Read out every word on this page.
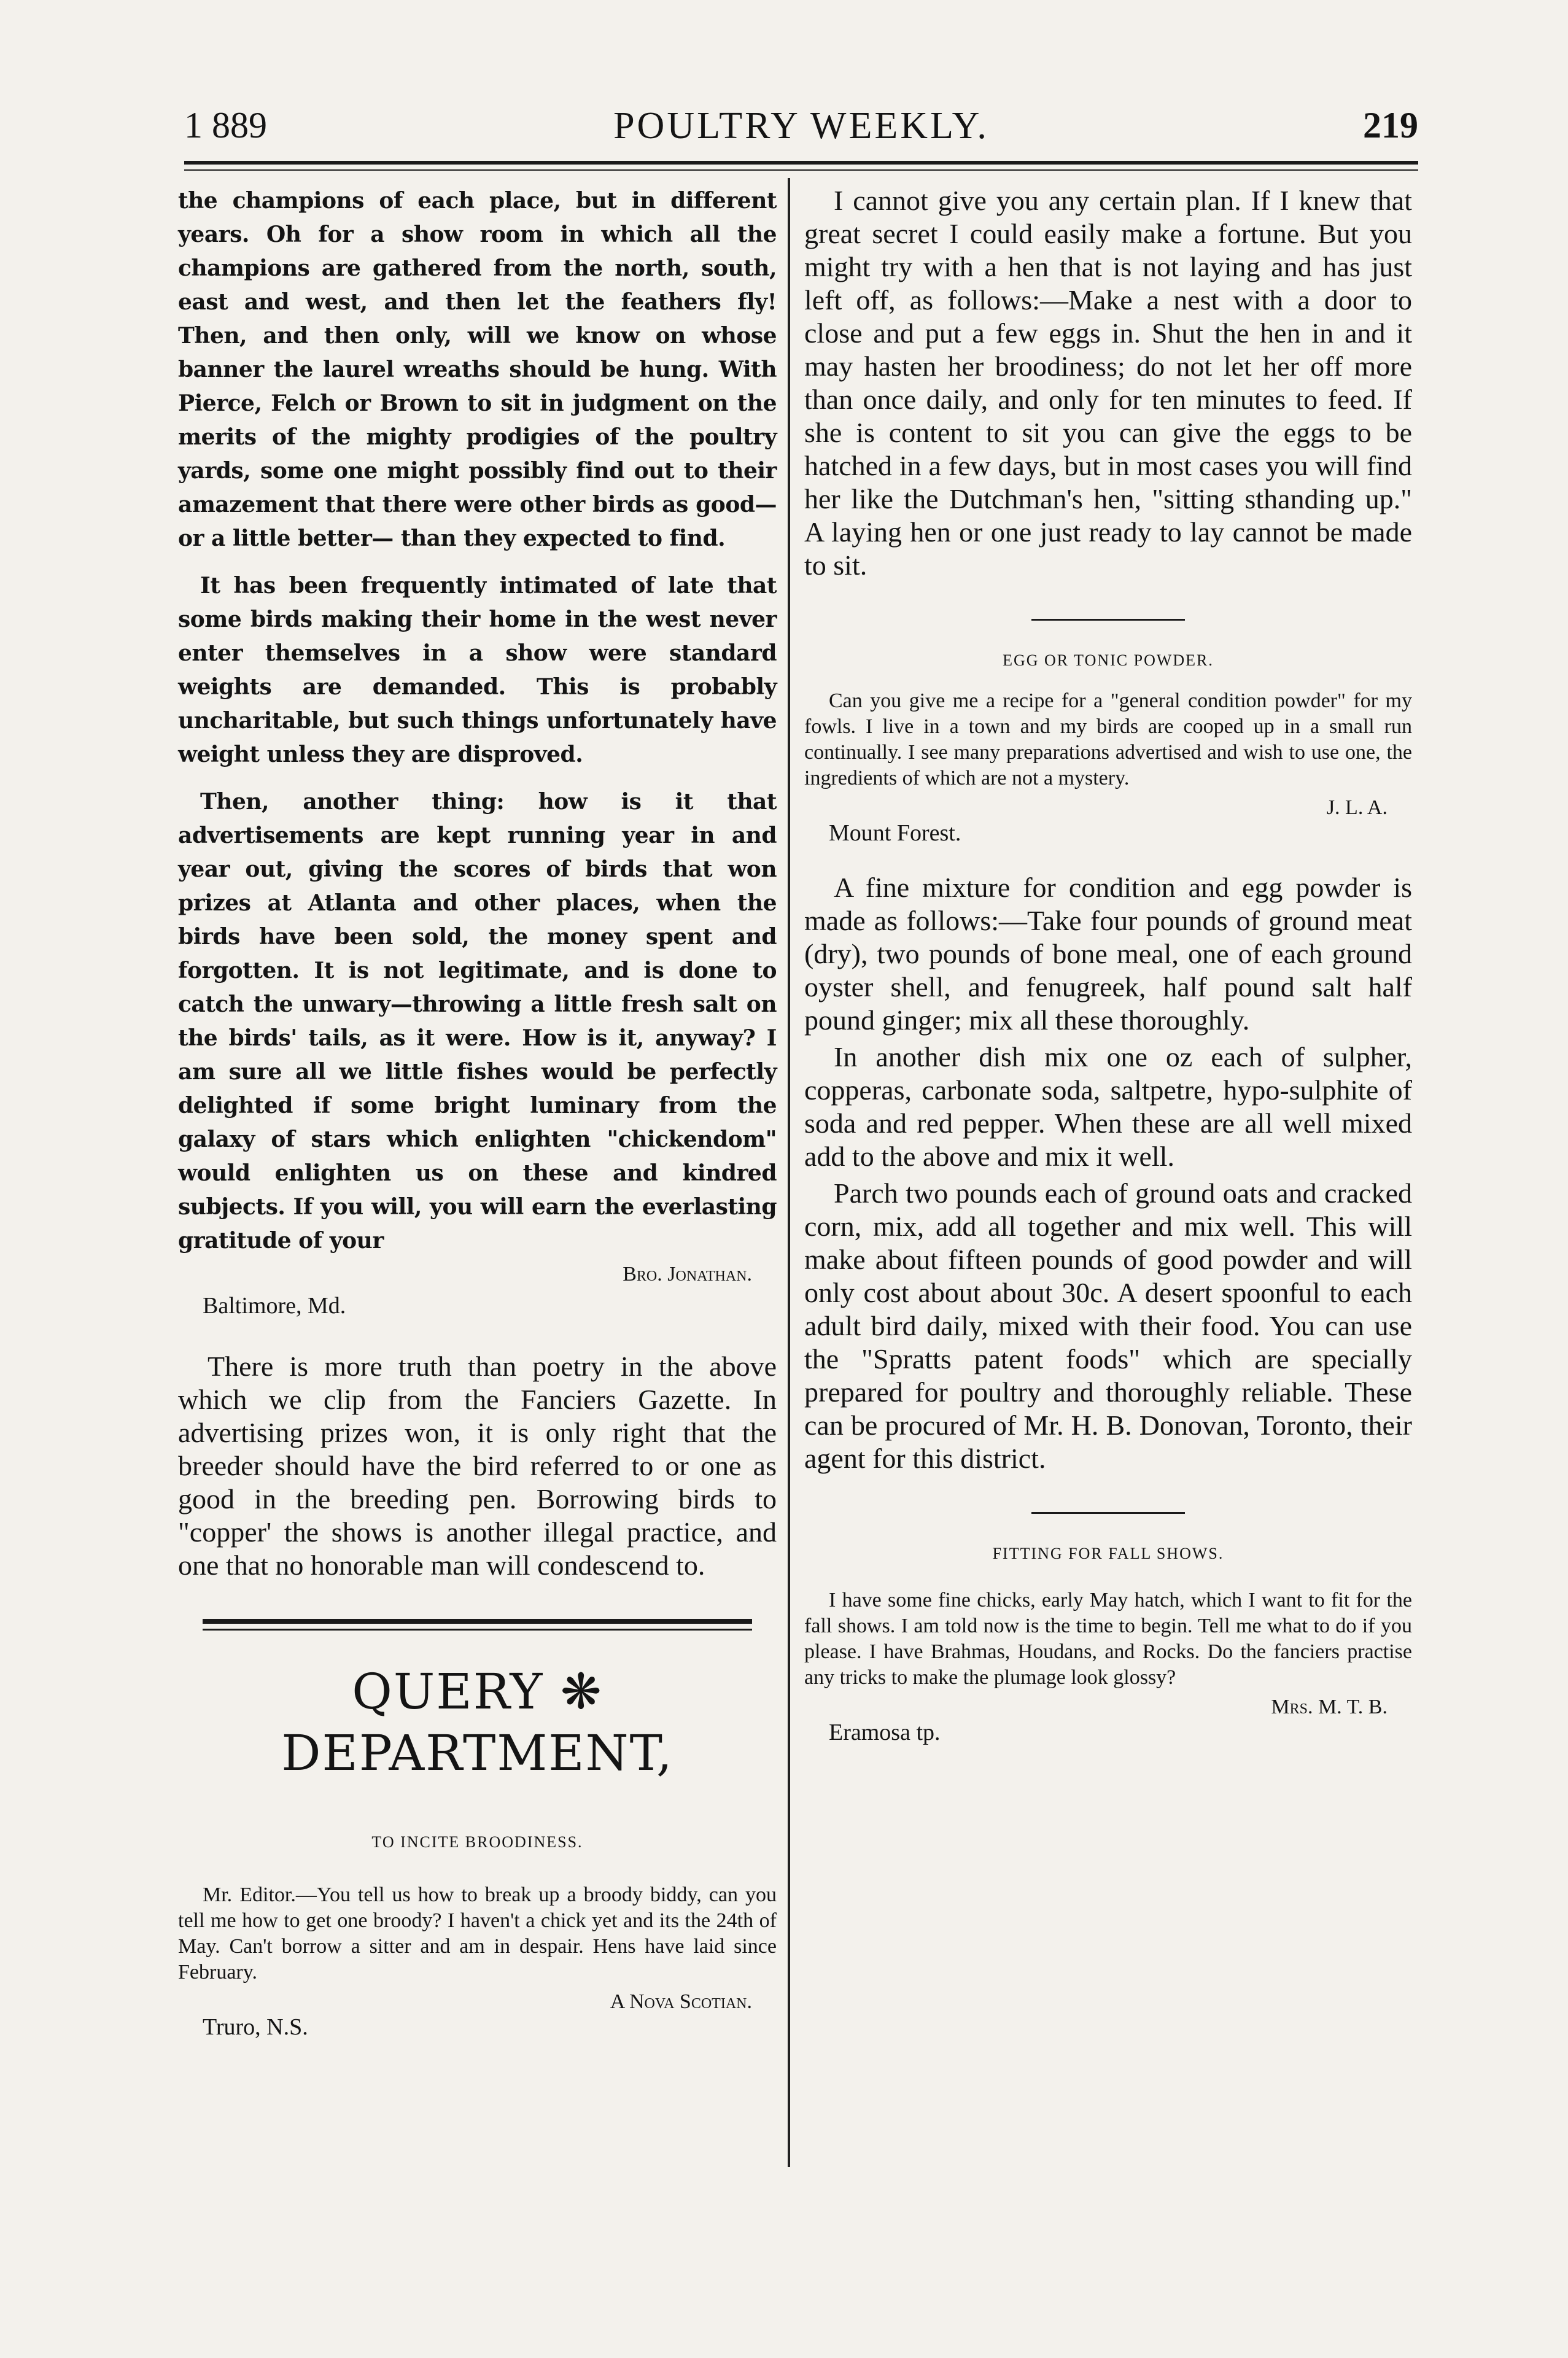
1 889	POULTRY WEEKLY.	219

the champions of each place, but in different years. Oh for a show room in which all the champions are gathered from the north, south, east and west, and then let the feathers fly! Then, and then only, will we know on whose banner the laurel wreaths should be hung. With Pierce, Felch or Brown to sit in judgment on the merits of the mighty prodigies of the poultry yards, some one might possibly find out to their amazement that there were other birds as good—or a little better— than they expected to find.

It has been frequently intimated of late that some birds making their home in the west never enter themselves in a show were standard weights are demanded. This is probably uncharitable, but such things unfortunately have weight unless they are disproved.

Then, another thing: how is it that advertisements are kept running year in and year out, giving the scores of birds that won prizes at Atlanta and other places, when the birds have been sold, the money spent and forgotten. It is not legitimate, and is done to catch the unwary—throwing a little fresh salt on the birds' tails, as it were. How is it, anyway? I am sure all we little fishes would be perfectly delighted if some bright luminary from the galaxy of stars which enlighten "chickendom" would enlighten us on these and kindred subjects. If you will, you will earn the everlasting gratitude of your

Bro. Jonathan.
Baltimore, Md.

There is more truth than poetry in the above which we clip from the Fanciers Gazette. In advertising prizes won, it is only right that the breeder should have the bird referred to or one as good in the breeding pen. Borrowing birds to "copper' the shows is another illegal practice, and one that no honorable man will condescend to.

QUERY ❋ DEPARTMENT,
TO INCITE BROODINESS.

Mr. Editor.—You tell us how to break up a broody biddy, can you tell me how to get one broody? I haven't a chick yet and its the 24th of May. Can't borrow a sitter and am in despair. Hens have laid since February.

A Nova Scotian.
Truro, N.S.

I cannot give you any certain plan. If I knew that great secret I could easily make a fortune. But you might try with a hen that is not laying and has just left off, as follows:—Make a nest with a door to close and put a few eggs in. Shut the hen in and it may hasten her broodiness; do not let her off more than once daily, and only for ten minutes to feed. If she is content to sit you can give the eggs to be hatched in a few days, but in most cases you will find her like the Dutchman's hen, "sitting sthanding up." A laying hen or one just ready to lay cannot be made to sit.

EGG OR TONIC POWDER.

Can you give me a recipe for a "general condition powder" for my fowls. I live in a town and my birds are cooped up in a small run continually. I see many preparations advertised and wish to use one, the ingredients of which are not a mystery.

J. L. A.
Mount Forest.

A fine mixture for condition and egg powder is made as follows:—Take four pounds of ground meat (dry), two pounds of bone meal, one of each ground oyster shell, and fenugreek, half pound salt half pound ginger; mix all these thoroughly.

In another dish mix one oz each of sulpher, copperas, carbonate soda, saltpetre, hypo-sulphite of soda and red pepper. When these are all well mixed add to the above and mix it well.

Parch two pounds each of ground oats and cracked corn, mix, add all together and mix well. This will make about fifteen pounds of good powder and will only cost about about 30c. A desert spoonful to each adult bird daily, mixed with their food. You can use the "Spratts patent foods" which are specially prepared for poultry and thoroughly reliable. These can be procured of Mr. H. B. Donovan, Toronto, their agent for this district.

FITTING FOR FALL SHOWS.

I have some fine chicks, early May hatch, which I want to fit for the fall shows. I am told now is the time to begin. Tell me what to do if you please. I have Brahmas, Houdans, and Rocks. Do the fanciers practise any tricks to make the plumage look glossy?

Mrs. M. T. B.
Eramosa tp.
